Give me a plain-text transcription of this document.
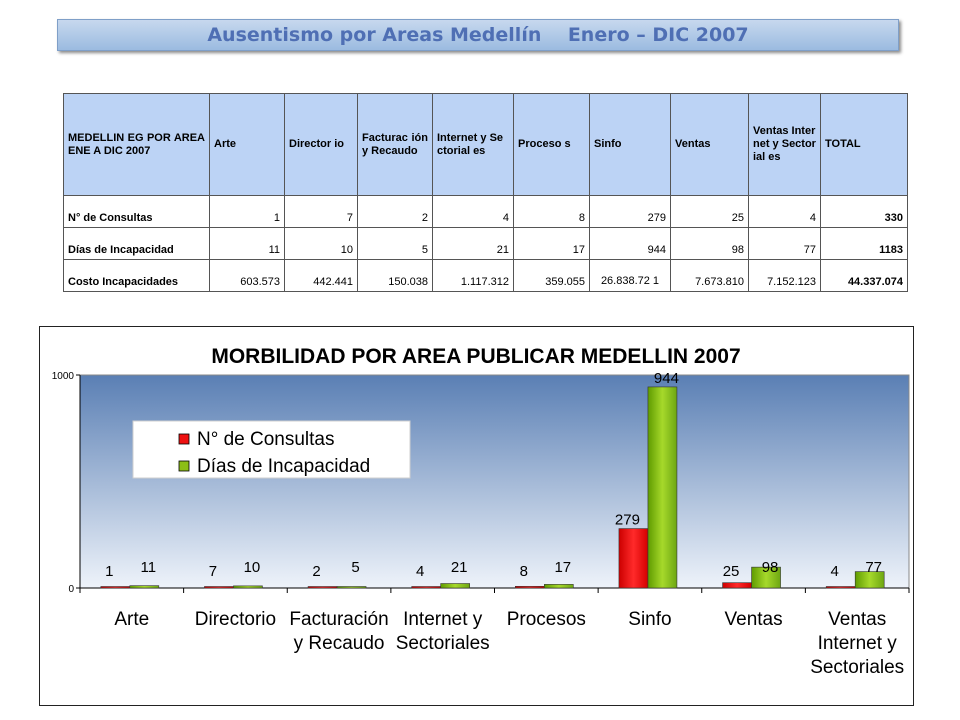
Ausentismo por Areas Medellín    Enero – DIC 2007
MEDELLIN EG POR AREA ENE A DIC 2007	Arte	Director io	Facturac ión y Recaudo	Internet y Sectorial es	Proceso s	Sinfo	Ventas	Ventas Internet y Sectorial es	TOTAL
N° de Consultas	1	7	2	4	8	279	25	4	330
Días de Incapacidad	11	10	5	21	17	944	98	77	1183
Costo Incapacidades	603.573	442.441	150.038	1.117.312	359.055	26.838.72 1	7.673.810	7.152.123	44.337.074
MORBILIDAD POR AREA PUBLICAR MEDELLIN 2007
0
1000
1 11
Arte
7 10
Directorio
2 5
Facturación
y Recaudo
4 21
Internet y
Sectoriales
8 17
Procesos
279
944
Sinfo
25 98
Ventas
4 77
Ventas
Internet y
Sectoriales
N° de Consultas
Días de Incapacidad
